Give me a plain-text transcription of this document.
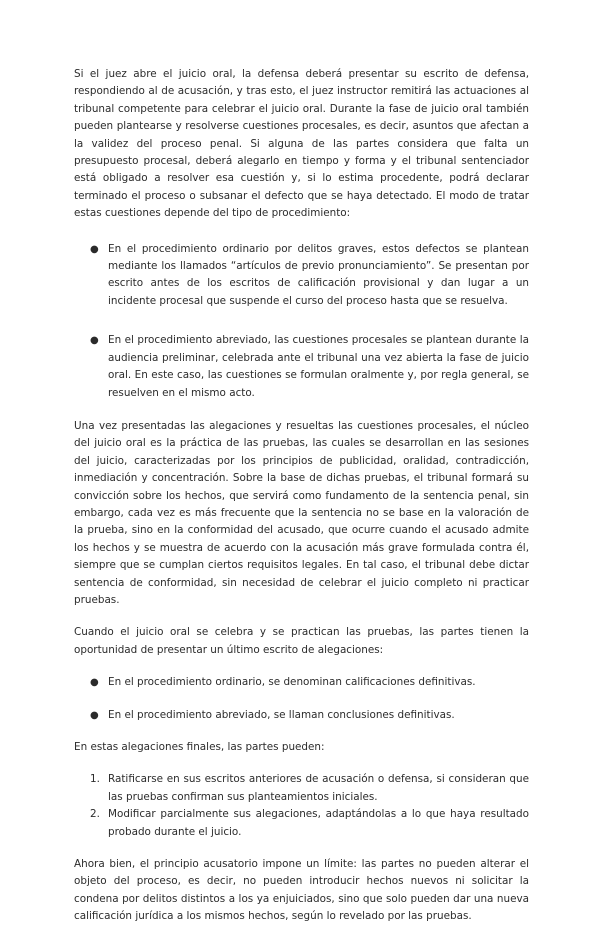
Si el juez abre el juicio oral, la defensa deberá presentar su escrito de defensa, respondiendo al de acusación, y tras esto, el juez instructor remitirá las actuaciones al tribunal competente para celebrar el juicio oral. Durante la fase de juicio oral también pueden plantearse y resolverse cuestiones procesales, es decir, asuntos que afectan a la validez del proceso penal. Si alguna de las partes considera que falta un presupuesto procesal, deberá alegarlo en tiempo y forma y el tribunal sentenciador está obligado a resolver esa cuestión y, si lo estima procedente, podrá declarar terminado el proceso o subsanar el defecto que se haya detectado. El modo de tratar estas cuestiones depende del tipo de procedimiento:

● En el procedimiento ordinario por delitos graves, estos defectos se plantean mediante los llamados “artículos de previo pronunciamiento”. Se presentan por escrito antes de los escritos de calificación provisional y dan lugar a un incidente procesal que suspende el curso del proceso hasta que se resuelva.
● En el procedimiento abreviado, las cuestiones procesales se plantean durante la audiencia preliminar, celebrada ante el tribunal una vez abierta la fase de juicio oral. En este caso, las cuestiones se formulan oralmente y, por regla general, se resuelven en el mismo acto.

Una vez presentadas las alegaciones y resueltas las cuestiones procesales, el núcleo del juicio oral es la práctica de las pruebas, las cuales se desarrollan en las sesiones del juicio, caracterizadas por los principios de publicidad, oralidad, contradicción, inmediación y concentración. Sobre la base de dichas pruebas, el tribunal formará su convicción sobre los hechos, que servirá como fundamento de la sentencia penal, sin embargo, cada vez es más frecuente que la sentencia no se base en la valoración de la prueba, sino en la conformidad del acusado, que ocurre cuando el acusado admite los hechos y se muestra de acuerdo con la acusación más grave formulada contra él, siempre que se cumplan ciertos requisitos legales. En tal caso, el tribunal debe dictar sentencia de conformidad, sin necesidad de celebrar el juicio completo ni practicar pruebas.

Cuando el juicio oral se celebra y se practican las pruebas, las partes tienen la oportunidad de presentar un último escrito de alegaciones:

● En el procedimiento ordinario, se denominan calificaciones definitivas.
● En el procedimiento abreviado, se llaman conclusiones definitivas.

En estas alegaciones finales, las partes pueden:

1. Ratificarse en sus escritos anteriores de acusación o defensa, si consideran que las pruebas confirman sus planteamientos iniciales.
2. Modificar parcialmente sus alegaciones, adaptándolas a lo que haya resultado probado durante el juicio.

Ahora bien, el principio acusatorio impone un límite: las partes no pueden alterar el objeto del proceso, es decir, no pueden introducir hechos nuevos ni solicitar la condena por delitos distintos a los ya enjuiciados, sino que solo pueden dar una nueva calificación jurídica a los mismos hechos, según lo revelado por las pruebas.
